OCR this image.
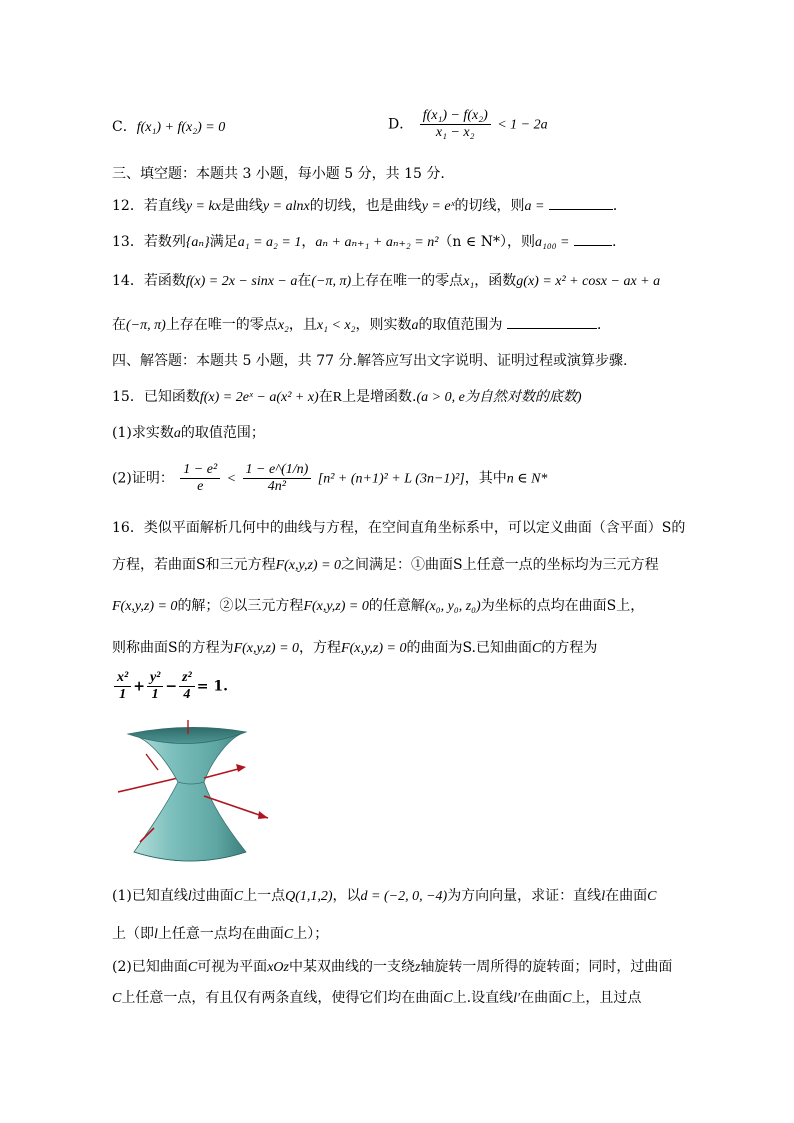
C．f(x₁) + f(x₂) = 0	D． $\frac{\text{f(x₁) − f(x₂)}}{\text{x₁ − x₂}} < 1 - 2a$
三、填空题：本题共 3 小题，每小题 5 分，共 15 分.
12．若直线y = kx是曲线y = alnx的切线，也是曲线y = eˣ的切线，则a =	．
13．若数列{aₙ}满足a₁ = a₂ = 1，aₙ + aₙ₊₁ + aₙ₊₂ = n²（n ∈ N*），则a₁₀₀ =	.
14．若函数f(x) = 2x − sinx − a在(−π, π)上存在唯一的零点x₁，函数g(x) = x² + cosx − ax + a
在(−π, π)上存在唯一的零点x₂，且x₁ < x₂，则实数a的取值范围为	．
四、解答题：本题共 5 小题，共 77 分.解答应写出文字说明、证明过程或演算步骤.
15．已知函数f(x) = 2eˣ − a(x² + x)在R上是增函数.(a > 0, e为自然对数的底数)
(1)求实数a的取值范围；
(2)证明： $\frac{\text{1 − e²}}{e} < \frac{1 - e\^{}(1/n)}{\text{4n²}} [n^2 + (n+1)^2 + L$ (3n−1)²]，其中n ∈ N*
16．类似平面解析几何中的曲线与方程，在空间直角坐标系中，可以定义曲面（含平面）S的
方程，若曲面S和三元方程F(x,y,z) = 0之间满足：①曲面S上任意一点的坐标均为三元方程
F(x,y,z) = 0的解；②以三元方程F(x,y,z) = 0的任意解(x₀, y₀, z₀)为坐标的点均在曲面S上，
则称曲面S的方程为F(x,y,z) = 0，方程F(x,y,z) = 0的曲面为S.已知曲面C的方程为
$\frac{\text{x²}}{1} + \frac{\text{y²}}{1} - \frac{\text{z²}}{4} = 1$.
(1)已知直线l过曲面C上一点Q(1,1,2)，以d = (−2, 0, −4)为方向向量，求证：直线l在曲面C
上（即l上任意一点均在曲面C上）；
(2)已知曲面C可视为平面xOz中某双曲线的一支绕z轴旋转一周所得的旋转面；同时，过曲面
C上任意一点，有且仅有两条直线，使得它们均在曲面C上.设直线l′在曲面C上，且过点
